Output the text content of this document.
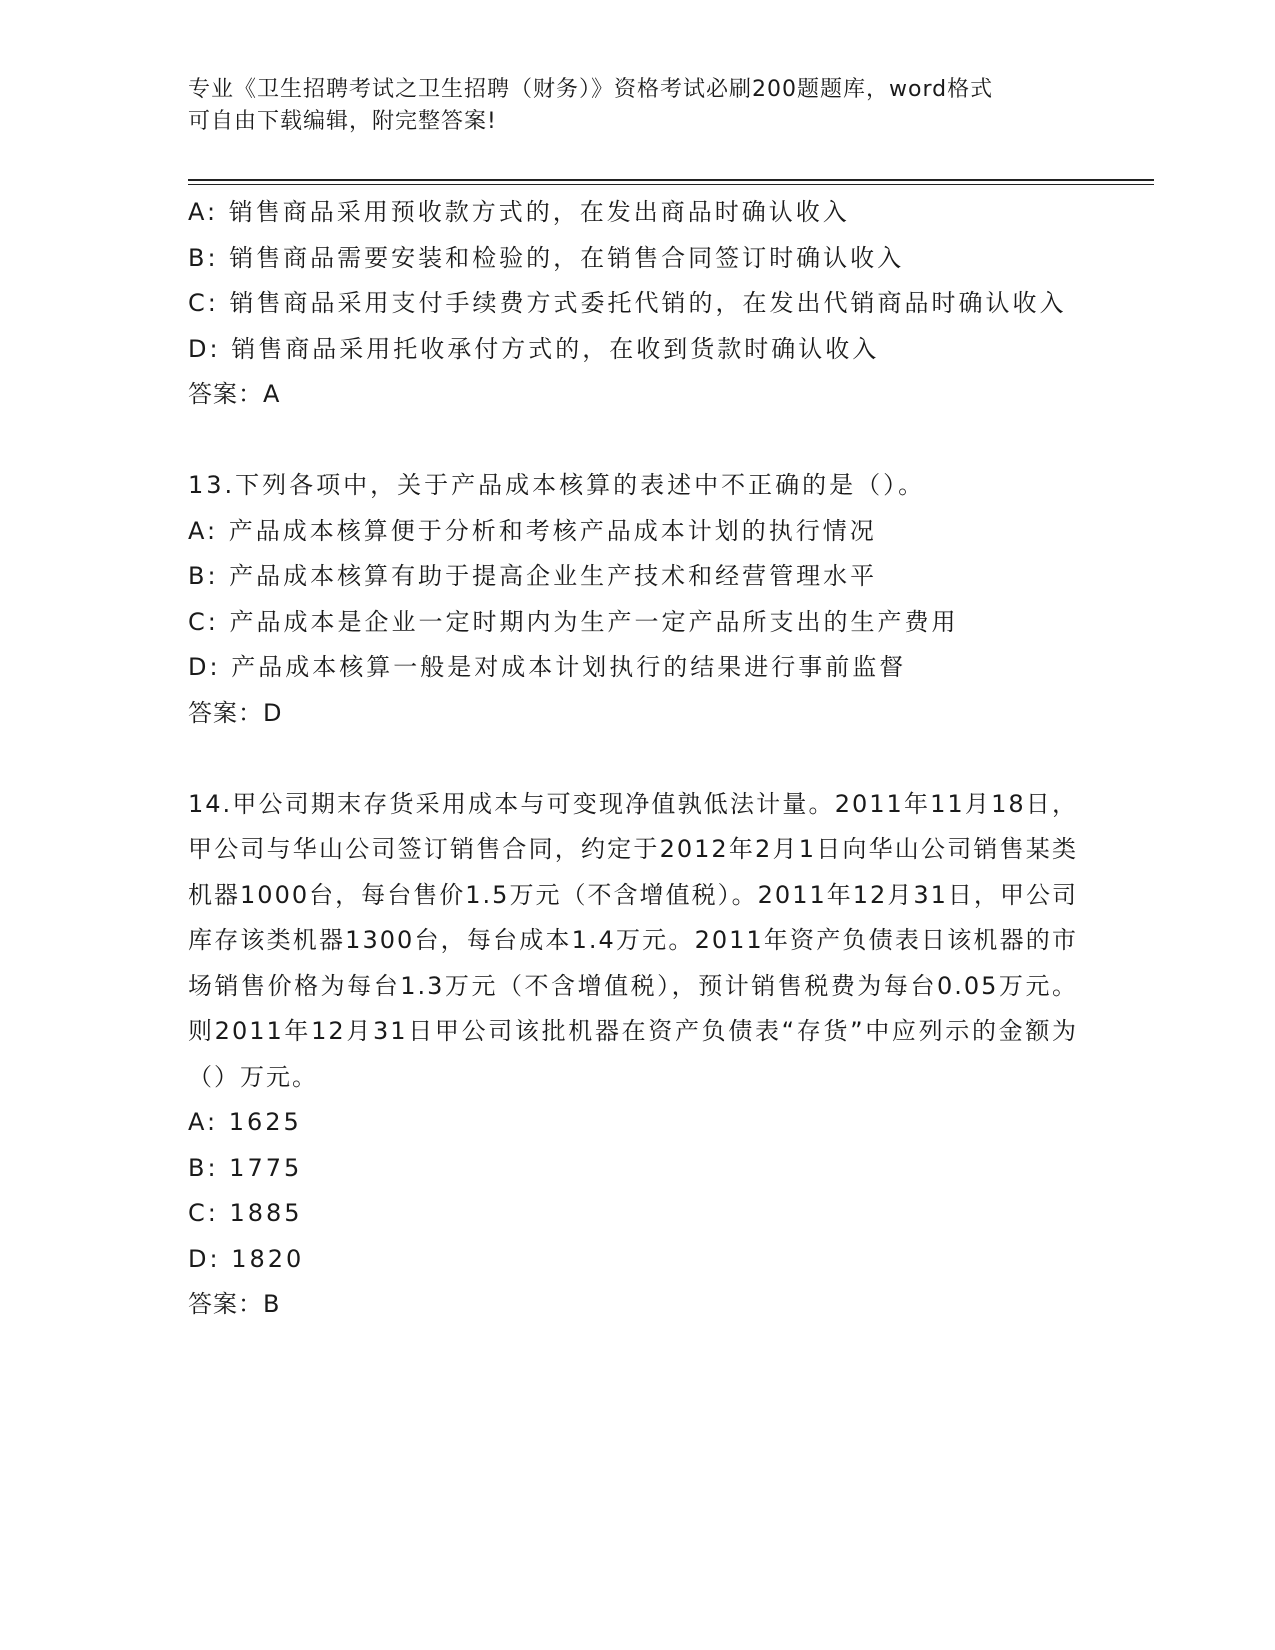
专业《卫生招聘考试之卫生招聘（财务）》资格考试必刷200题题库，word格式
可自由下载编辑，附完整答案!
A: 销售商品采用预收款方式的，在发出商品时确认收入
B: 销售商品需要安装和检验的，在销售合同签订时确认收入
C: 销售商品采用支付手续费方式委托代销的，在发出代销商品时确认收入
D: 销售商品采用托收承付方式的，在收到货款时确认收入
答案：A
13.下列各项中，关于产品成本核算的表述中不正确的是（）。
A: 产品成本核算便于分析和考核产品成本计划的执行情况
B: 产品成本核算有助于提高企业生产技术和经营管理水平
C: 产品成本是企业一定时期内为生产一定产品所支出的生产费用
D: 产品成本核算一般是对成本计划执行的结果进行事前监督
答案：D
14.甲公司期末存货采用成本与可变现净值孰低法计量。2011年11月18日，甲公司与华山公司签订销售合同，约定于2012年2月1日向华山公司销售某类机器1000台，每台售价1.5万元（不含增值税）。2011年12月31日，甲公司库存该类机器1300台，每台成本1.4万元。2011年资产负债表日该机器的市场销售价格为每台1.3万元（不含增值税），预计销售税费为每台0.05万元。则2011年12月31日甲公司该批机器在资产负债表“存货”中应列示的金额为（）万元。
A: 1625
B: 1775
C: 1885
D: 1820
答案：B
